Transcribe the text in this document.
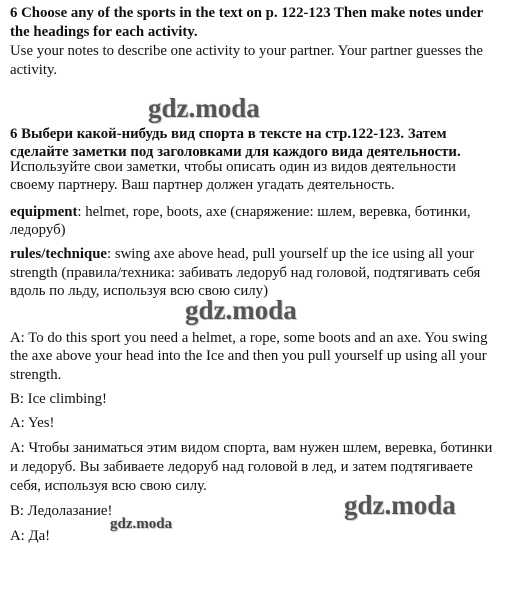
6 Choose any of the sports in the text on p. 122-123 Then make notes under

the headings for each activity.

Use your notes to describe one activity to your partner. Your partner guesses the

activity.

6 Выбери какой-нибудь вид спорта в тексте на стр.122-123. Затем

сделайте заметки под заголовками для каждого вида деятельности.

Используйте свои заметки, чтобы описать один из видов деятельности

своему партнеру. Ваш партнер должен угадать деятельность.

equipment: helmet, rope, boots, axe (снаряжение: шлем, веревка, ботинки,

ледоруб)

rules/technique: swing axe above head, pull yourself up the ice using all your

strength (правила/техника: забивать ледоруб над головой, подтягивать себя

вдоль по льду, используя всю свою силу)

A: To do this sport you need a helmet, a rope, some boots and an axe. You swing

the axe above your head into the Ice and then you pull yourself up using all your

strength.

B: Ice climbing!

A: Yes!

А: Чтобы заниматься этим видом спорта, вам нужен шлем, веревка, ботинки

и ледоруб. Вы забиваете ледоруб над головой в лед, и затем подтягиваете

себя, используя всю свою силу.

В: Ледолазание!

А: Да!

gdz.moda

gdz.moda

gdz.moda

gdz.moda
